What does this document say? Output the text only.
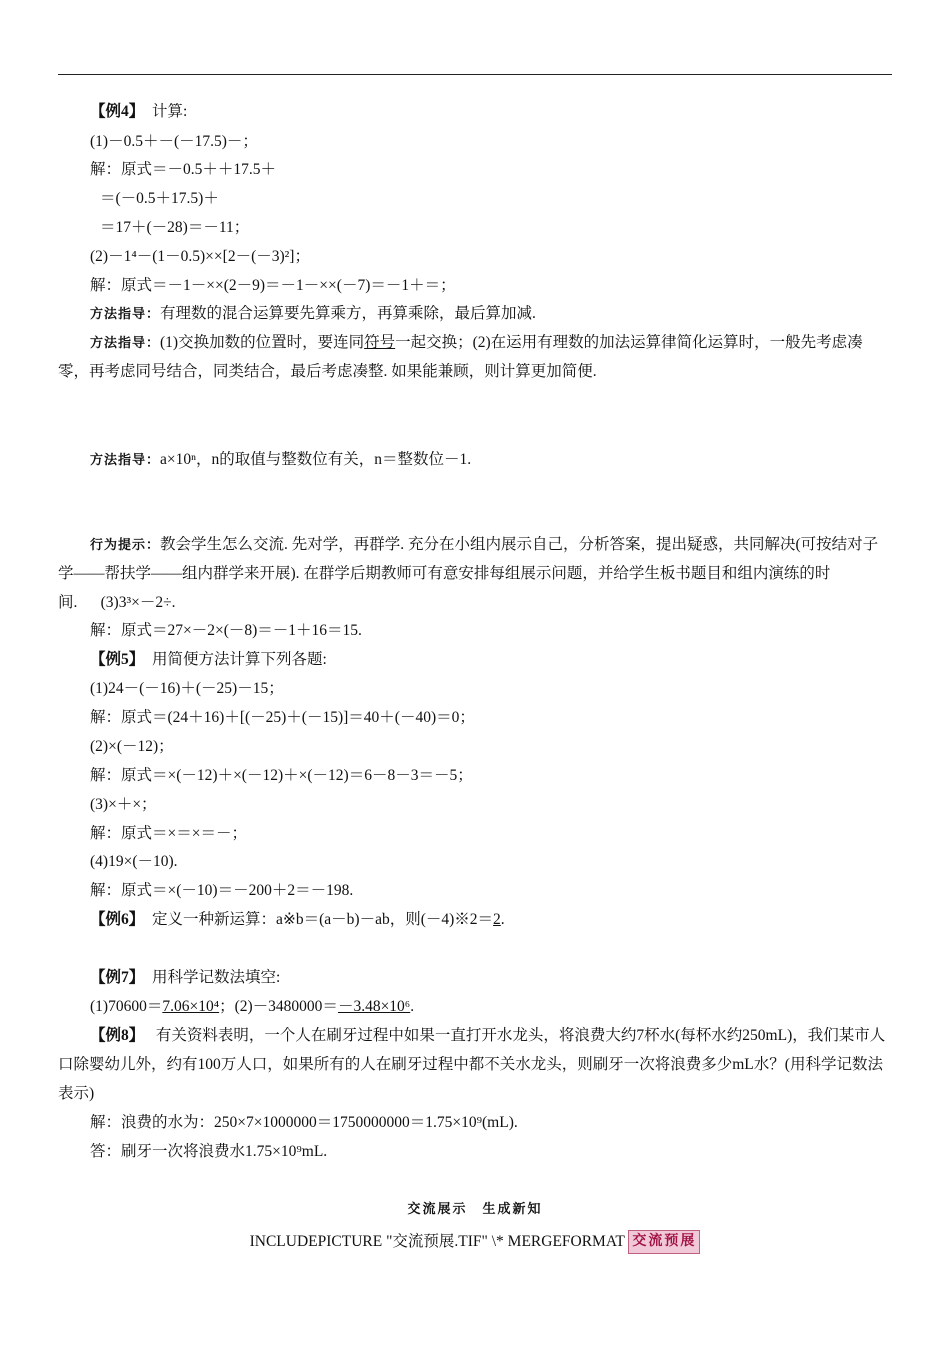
【例4】 计算:
(1)－0.5＋－(－17.5)－；
解：原式＝－0.5＋＋17.5＋
＝(－0.5＋17.5)＋
＝17＋(－28)＝－11；
(2)－1⁴－(1－0.5)××[2－(－3)²]；
解：原式＝－1－××(2－9)＝－1－××(－7)＝－1＋＝；
方法指导：有理数的混合运算要先算乘方，再算乘除，最后算加减.
方法指导：(1)交换加数的位置时，要连同符号一起交换；(2)在运用有理数的加法运算律简化运算时，一般先考虑凑零，再考虑同号结合，同类结合，最后考虑凑整. 如果能兼顾，则计算更加简便.
方法指导：a×10ⁿ，n的取值与整数位有关，n＝整数位－1.
行为提示：教会学生怎么交流. 先对学，再群学. 充分在小组内展示自己，分析答案，提出疑惑，共同解决(可按结对子学——帮扶学——组内群学来开展). 在群学后期教师可有意安排每组展示问题，并给学生板书题目和组内演练的时间. (3)3³×－2÷.
解：原式＝27×－2×(－8)＝－1＋16＝15.
【例5】 用简便方法计算下列各题:
(1)24－(－16)＋(－25)－15；
解：原式＝(24＋16)＋[(－25)＋(－15)]＝40＋(－40)＝0；
(2)×(－12)；
解：原式＝×(－12)＋×(－12)＋×(－12)＝6－8－3＝－5；
(3)×＋×；
解：原式＝×＝×＝－；
(4)19×(－10).
解：原式＝×(－10)＝－200＋2＝－198.
【例6】 定义一种新运算：a※b＝(a－b)－ab，则(－4)※2＝2.
【例7】 用科学记数法填空:
(1)70600＝7.06×10⁴；(2)－3480000＝－3.48×10⁶.
【例8】 有关资料表明，一个人在刷牙过程中如果一直打开水龙头，将浪费大约7杯水(每杯水约250mL)，我们某市人口除婴幼儿外，约有100万人口，如果所有的人在刷牙过程中都不关水龙头，则刷牙一次将浪费多少mL水？(用科学记数法表示)
解：浪费的水为：250×7×1000000＝1750000000＝1.75×10⁹(mL).
答：刷牙一次将浪费水1.75×10⁹mL.
交流展示　生成新知
INCLUDEPICTURE "交流预展.TIF" \* MERGEFORMAT 交流预展
